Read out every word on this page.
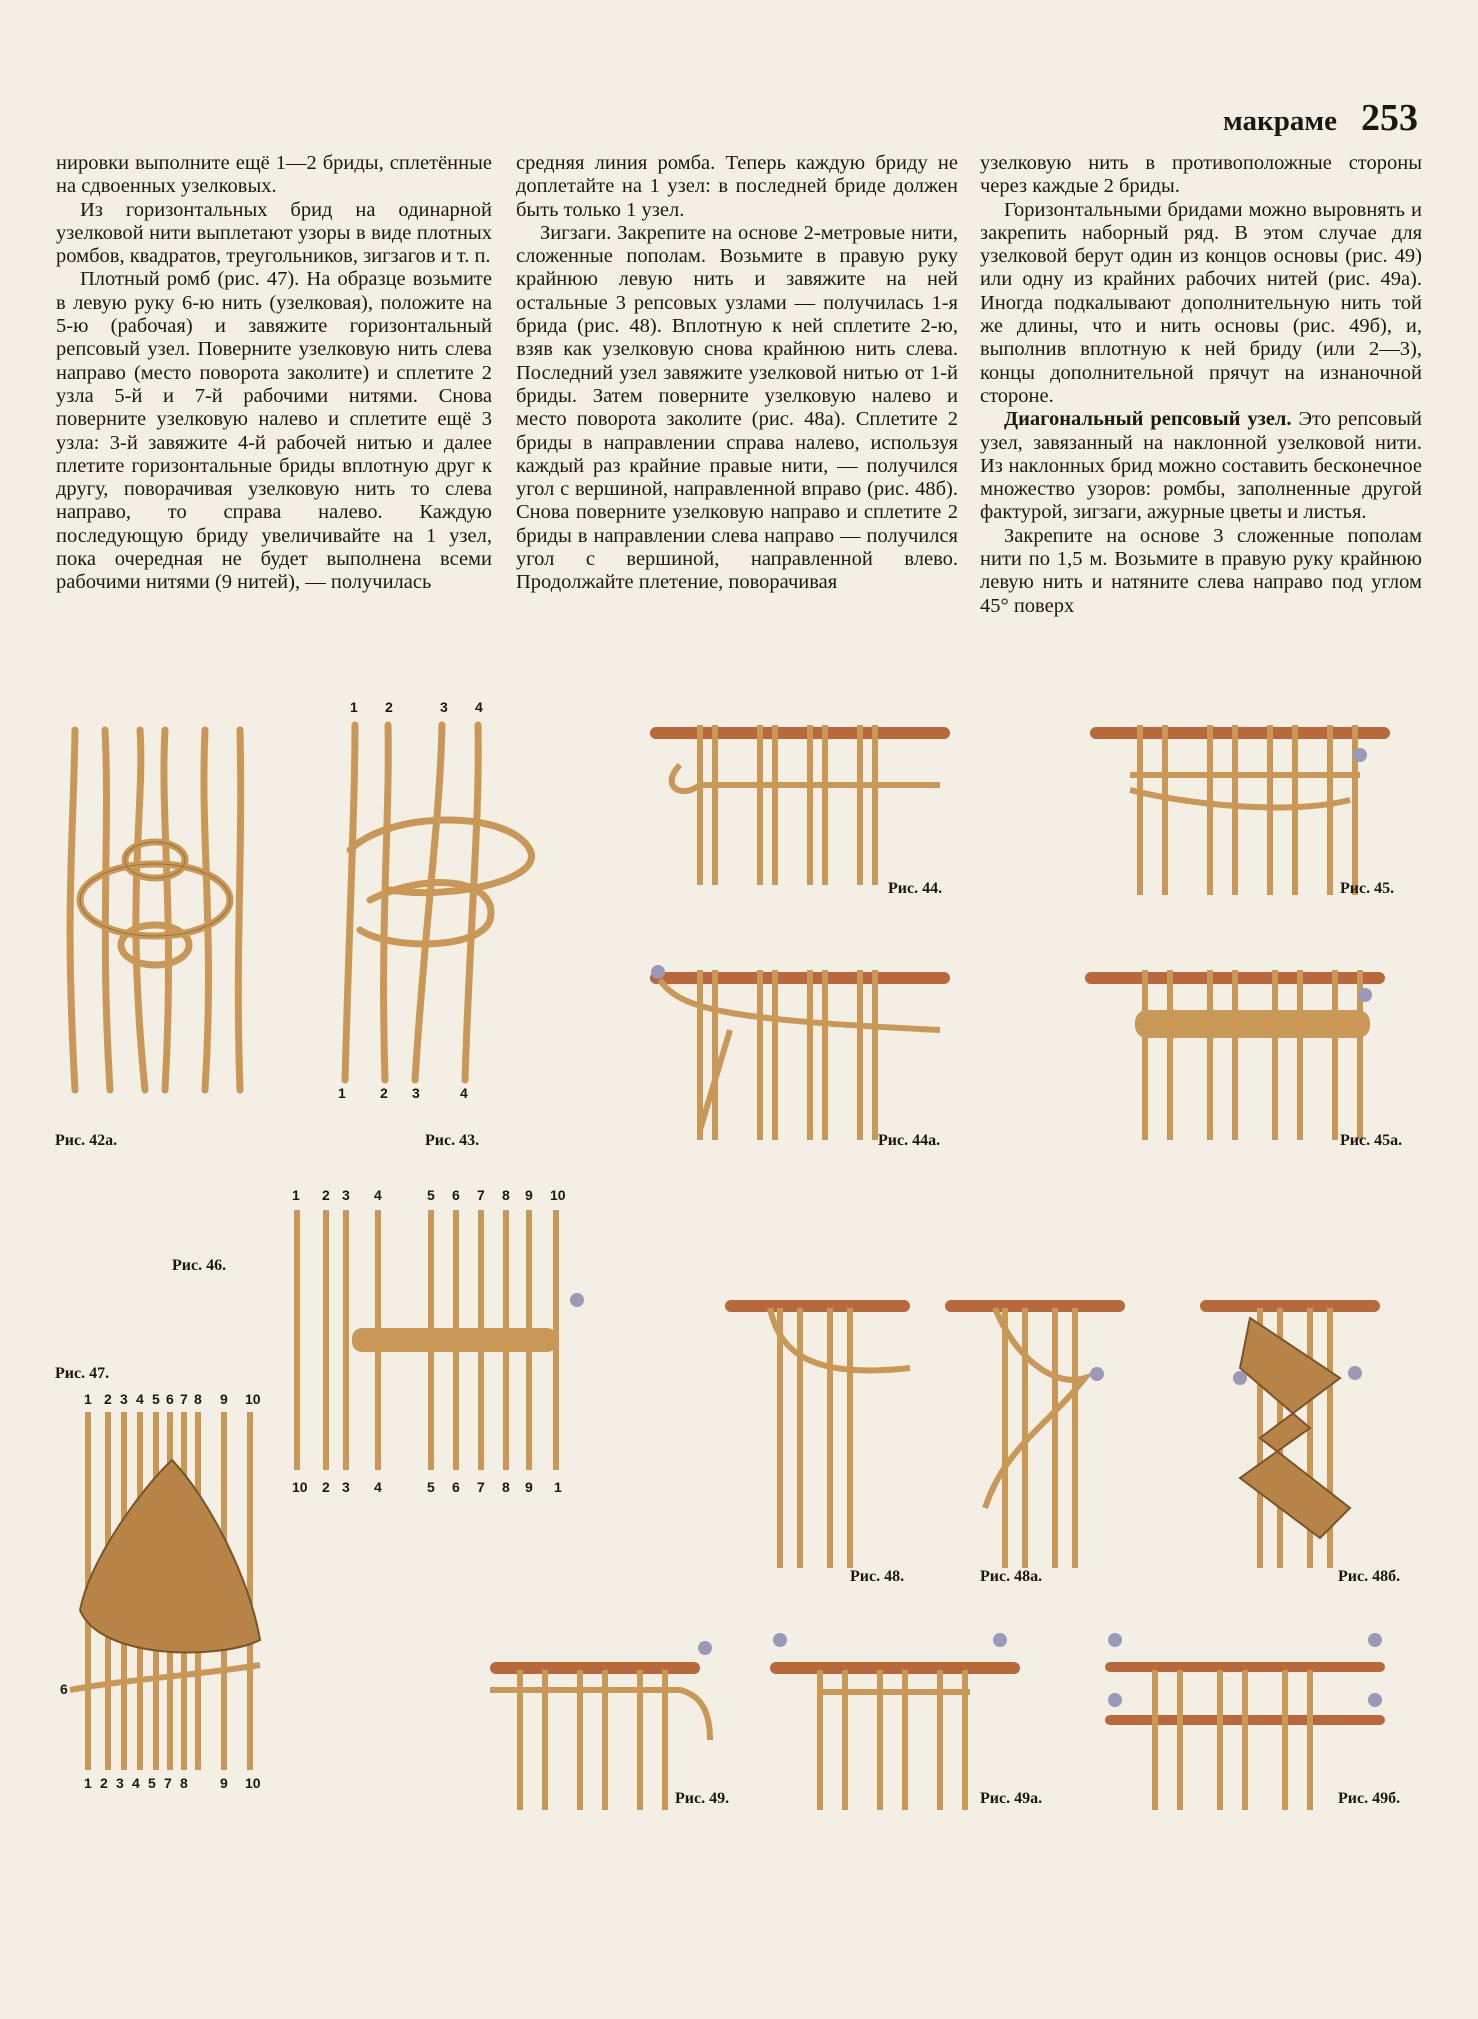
макраме 253

нировки выполните ещё 1—2 бриды, сплетённые на сдвоенных узелковых.

Из горизонтальных брид на одинарной узелковой нити выплетают узоры в виде плотных ромбов, квадратов, треугольников, зигзагов и т. п.

Плотный ромб (рис. 47). На образце возьмите в левую руку 6-ю нить (узелковая), положите на 5-ю (рабочая) и завяжите горизонтальный репсовый узел. Поверните узелковую нить слева направо (место поворота заколите) и сплетите 2 узла 5-й и 7-й рабочими нитями. Снова поверните узелковую налево и сплетите ещё 3 узла: 3-й завяжите 4-й рабочей нитью и далее плетите горизонтальные бриды вплотную друг к другу, поворачивая узелковую нить то слева направо, то справа налево. Каждую последующую бриду увеличивайте на 1 узел, пока очередная не будет выполнена всеми рабочими нитями (9 нитей), — получилась

средняя линия ромба. Теперь каждую бриду не доплетайте на 1 узел: в последней бриде должен быть только 1 узел.

Зигзаги. Закрепите на основе 2-метровые нити, сложенные пополам. Возьмите в правую руку крайнюю левую нить и завяжите на ней остальные 3 репсовых узлами — получилась 1-я брида (рис. 48). Вплотную к ней сплетите 2-ю, взяв как узелковую снова крайнюю нить слева. Последний узел завяжите узелковой нитью от 1-й бриды. Затем поверните узелковую налево и место поворота заколите (рис. 48а). Сплетите 2 бриды в направлении справа налево, используя каждый раз крайние правые нити, — получился угол с вершиной, направленной вправо (рис. 48б). Снова поверните узелковую направо и сплетите 2 бриды в направлении слева направо — получился угол с вершиной, направленной влево. Продолжайте плетение, поворачивая

узелковую нить в противоположные стороны через каждые 2 бриды.

Горизонтальными бридами можно выровнять и закрепить наборный ряд. В этом случае для узелковой берут один из концов основы (рис. 49) или одну из крайних рабочих нитей (рис. 49а). Иногда подкалывают дополнительную нить той же длины, что и нить основы (рис. 49б), и, выполнив вплотную к ней бриду (или 2—3), концы дополнительной прячут на изнаночной стороне.

Диагональный репсовый узел. Это репсовый узел, завязанный на наклонной узелковой нити. Из наклонных брид можно составить бесконечное множество узоров: ромбы, заполненные другой фактурой, зигзаги, ажурные цветы и листья.

Закрепите на основе 3 сложенные пополам нити по 1,5 м. Возьмите в правую руку крайнюю левую нить и натяните слева направо под углом 45° поверх

Рис. 42а.
1 2	3 4
1 2 3	4
Рис. 43.
Рис. 44.	Рис. 45.
Рис. 44а.	Рис. 45а.
1 2 3 4	5 6 7 8 9 10
10 2 3 4	5 6 7 8 9 1
Рис. 46.
Рис. 47.
1 2 3 4 5 6 7 8 9 10
6
1 2 3 4 5 7 8 9 10
Рис. 48.	Рис. 48а.	Рис. 48б.
Рис. 49.	Рис. 49а.	Рис. 49б.
